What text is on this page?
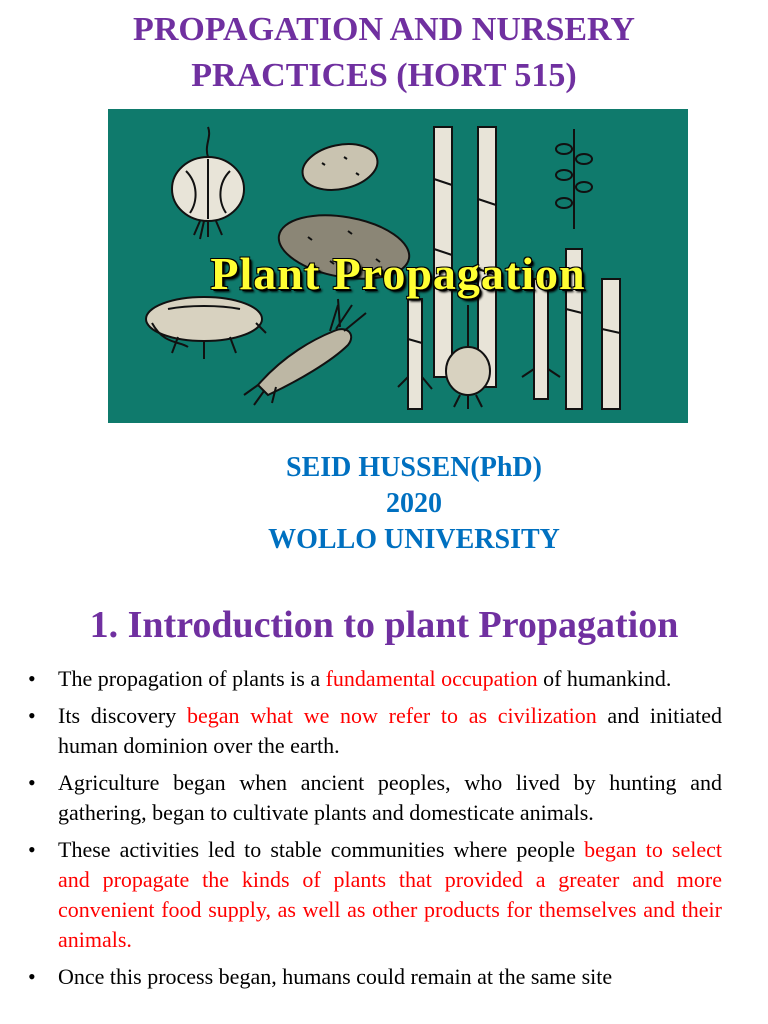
PROPAGATION AND NURSERY
PRACTICES (HORT 515)

Plant Propagation

SEID HUSSEN(PhD)

2020

WOLLO UNIVERSITY

1. Introduction to plant Propagation
• The propagation of plants is a fundamental occupation of humankind.
• Its discovery began what we now refer to as civilization and initiated human dominion over the earth.
• Agriculture began when ancient peoples, who lived by hunting and gathering, began to cultivate plants and domesticate animals.
• These activities led to stable communities where people began to select and propagate the kinds of plants that provided a greater and more convenient food supply, as well as other products for themselves and their animals.
• Once this process began, humans could remain at the same site
